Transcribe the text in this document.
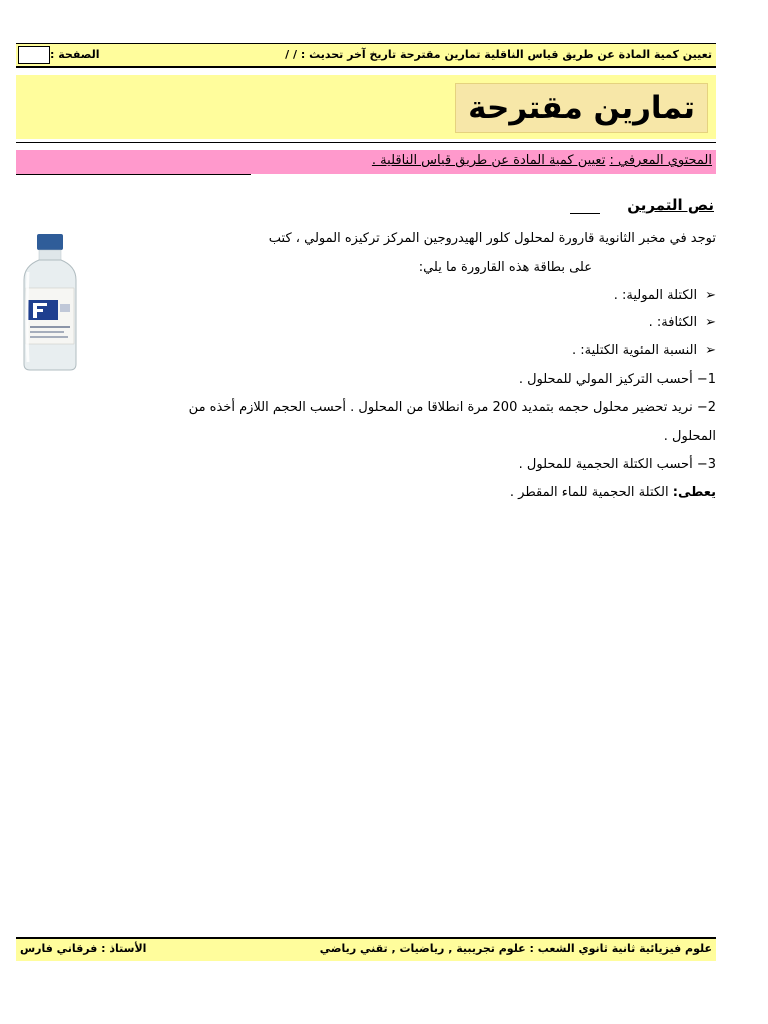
تعيين كمية المادة عن طريق قياس الناقلية تمارين مقترحة تاريخ آخر تحديث : / /
الصفحة :
تمارين مقترحة
المحتوي المعرفي : تعيين كمية المادة عن طريق قياس الناقلية .
نص التمرين
توجد في مخبر الثانوية قارورة لمحلول كلور الهيدروجين المركز تركيزه المولي ، كتب
على بطاقة هذه القارورة ما يلي:
➢الكتلة المولية: .
➢الكثافة: .
➢النسبة المئوية الكتلية: .
1− أحسب التركيز المولي للمحلول .
2− نريد تحضير محلول حجمه بتمديد 200 مرة انطلاقا من المحلول . أحسب الحجم اللازم أخذه من
المحلول .
3− أحسب الكتلة الحجمية للمحلول .
يعطى: الكتلة الحجمية للماء المقطر .
الأستاذ : فرقاني فارس	علوم فيزيائية ثانية ثانوي الشعب : علوم تجريبية , رياضيات , تقني رياضي
